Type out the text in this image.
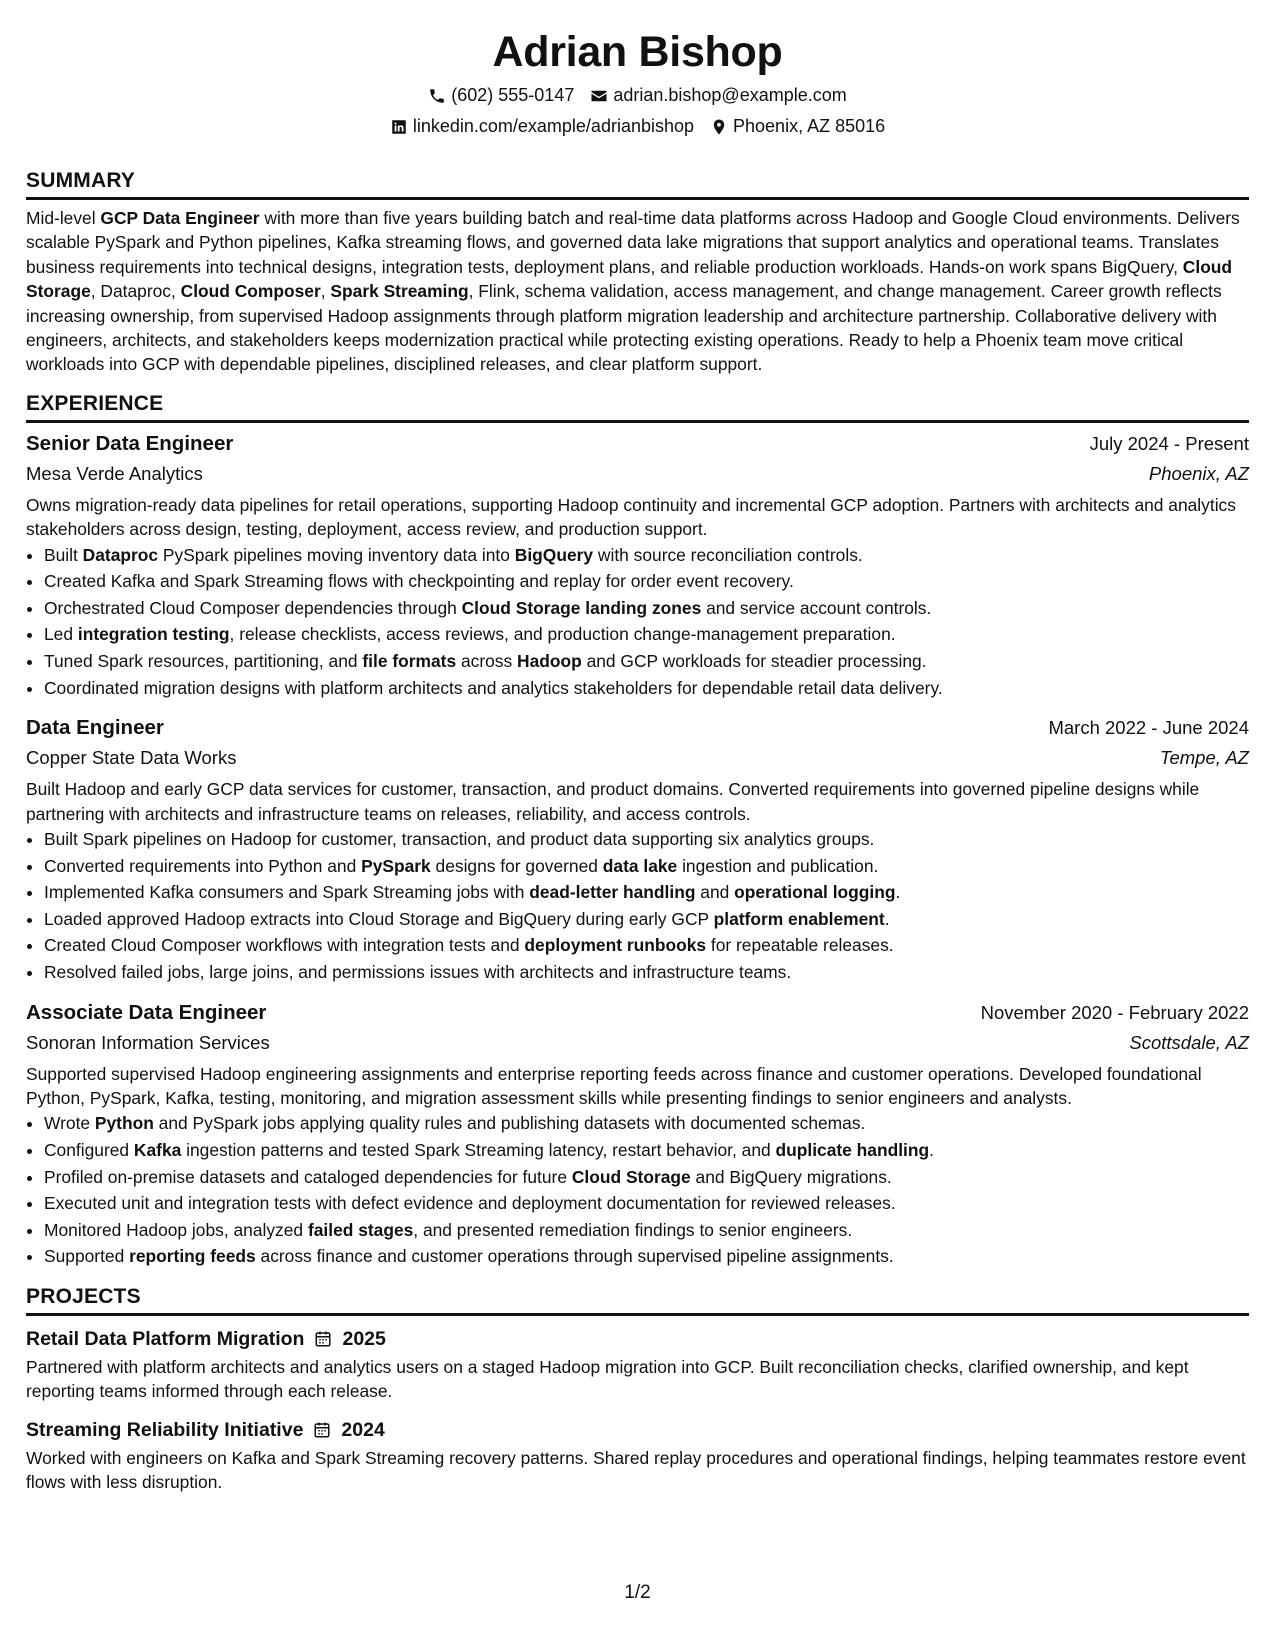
Adrian Bishop
(602) 555-0147 adrian.bishop@example.com
linkedin.com/example/adrianbishop Phoenix, AZ 85016
SUMMARY

Mid-level GCP Data Engineer with more than five years building batch and real-time data platforms across Hadoop and Google Cloud environments. Delivers scalable PySpark and Python pipelines, Kafka streaming flows, and governed data lake migrations that support analytics and operational teams. Translates business requirements into technical designs, integration tests, deployment plans, and reliable production workloads. Hands-on work spans BigQuery, Cloud Storage, Dataproc, Cloud Composer, Spark Streaming, Flink, schema validation, access management, and change management. Career growth reflects increasing ownership, from supervised Hadoop assignments through platform migration leadership and architecture partnership. Collaborative delivery with engineers, architects, and stakeholders keeps modernization practical while protecting existing operations. Ready to help a Phoenix team move critical workloads into GCP with dependable pipelines, disciplined releases, and clear platform support.

EXPERIENCE
Senior Data Engineer	July 2024 - Present
Mesa Verde Analytics	Phoenix, AZ

Owns migration-ready data pipelines for retail operations, supporting Hadoop continuity and incremental GCP adoption. Partners with architects and analytics stakeholders across design, testing, deployment, access review, and production support.

• Built Dataproc PySpark pipelines moving inventory data into BigQuery with source reconciliation controls.
• Created Kafka and Spark Streaming flows with checkpointing and replay for order event recovery.
• Orchestrated Cloud Composer dependencies through Cloud Storage landing zones and service account controls.
• Led integration testing, release checklists, access reviews, and production change-management preparation.
• Tuned Spark resources, partitioning, and file formats across Hadoop and GCP workloads for steadier processing.
• Coordinated migration designs with platform architects and analytics stakeholders for dependable retail data delivery.
Data Engineer	March 2022 - June 2024
Copper State Data Works	Tempe, AZ

Built Hadoop and early GCP data services for customer, transaction, and product domains. Converted requirements into governed pipeline designs while partnering with architects and infrastructure teams on releases, reliability, and access controls.

• Built Spark pipelines on Hadoop for customer, transaction, and product data supporting six analytics groups.
• Converted requirements into Python and PySpark designs for governed data lake ingestion and publication.
• Implemented Kafka consumers and Spark Streaming jobs with dead-letter handling and operational logging.
• Loaded approved Hadoop extracts into Cloud Storage and BigQuery during early GCP platform enablement.
• Created Cloud Composer workflows with integration tests and deployment runbooks for repeatable releases.
• Resolved failed jobs, large joins, and permissions issues with architects and infrastructure teams.
Associate Data Engineer	November 2020 - February 2022
Sonoran Information Services	Scottsdale, AZ

Supported supervised Hadoop engineering assignments and enterprise reporting feeds across finance and customer operations. Developed foundational Python, PySpark, Kafka, testing, monitoring, and migration assessment skills while presenting findings to senior engineers and analysts.

• Wrote Python and PySpark jobs applying quality rules and publishing datasets with documented schemas.
• Configured Kafka ingestion patterns and tested Spark Streaming latency, restart behavior, and duplicate handling.
• Profiled on-premise datasets and cataloged dependencies for future Cloud Storage and BigQuery migrations.
• Executed unit and integration tests with defect evidence and deployment documentation for reviewed releases.
• Monitored Hadoop jobs, analyzed failed stages, and presented remediation findings to senior engineers.
• Supported reporting feeds across finance and customer operations through supervised pipeline assignments.
PROJECTS
Retail Data Platform Migration 2025

Partnered with platform architects and analytics users on a staged Hadoop migration into GCP. Built reconciliation checks, clarified ownership, and kept reporting teams informed through each release.

Streaming Reliability Initiative 2024

Worked with engineers on Kafka and Spark Streaming recovery patterns. Shared replay procedures and operational findings, helping teammates restore event flows with less disruption.

1/2
